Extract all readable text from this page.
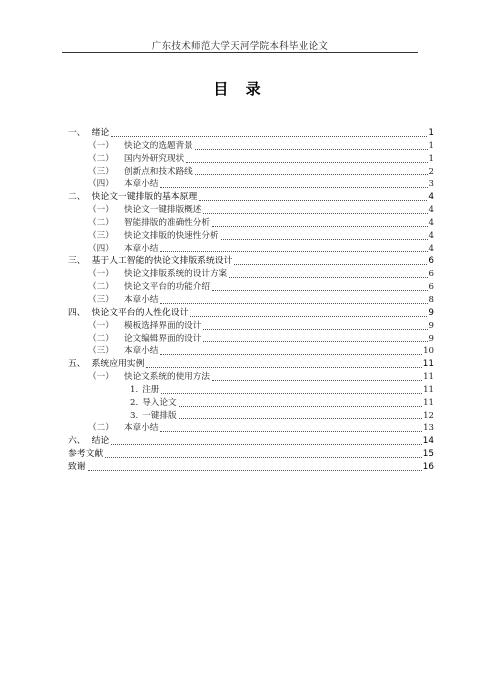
广东技术师范大学天河学院本科毕业论文
目 录
一、 绪论	1
（一）	快论文的选题背景	1
（二）	国内外研究现状	1
（三）	创新点和技术路线	2
（四）	本章小结	3
二、 快论文一键排版的基本原理	4
（一）	快论文一键排版概述	4
（二）	智能排版的准确性分析	4
（三）	快论文排版的快速性分析	4
（四）	本章小结	4
三、 基于人工智能的快论文排版系统设计	6
（一）	快论文排版系统的设计方案	6
（二）	快论文平台的功能介绍	6
（三）	本章小结	8
四、 快论文平台的人性化设计	9
（一）	模板选择界面的设计	9
（二）	论文编辑界面的设计	9
（三）	本章小结	10
五、 系统应用实例	11
（一）	快论文系统的使用方法	11
1. 注册	11
2. 导入论文	11
3. 一键排版	12
（二）	本章小结	13
六、 结论	14
参考文献	15
致谢	16
